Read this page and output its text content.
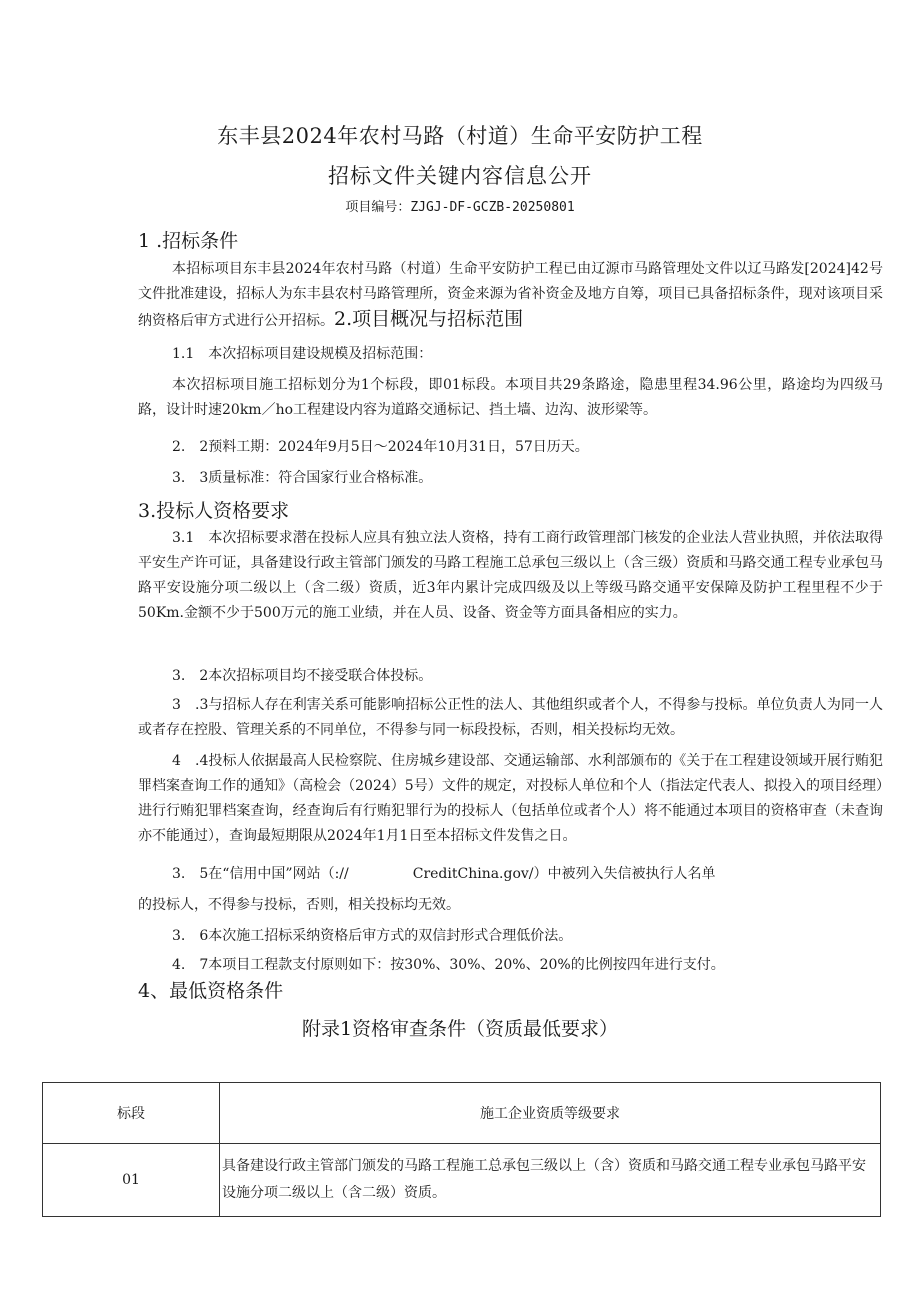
东丰县2024年农村马路（村道）生命平安防护工程
招标文件关键内容信息公开
项目编号：ZJGJ-DF-GCZB-20250801
1 .招标条件

本招标项目东丰县2024年农村马路（村道）生命平安防护工程已由辽源市马路管理处文件以辽马路发[2024]42号文件批准建设，招标人为东丰县农村马路管理所，资金来源为省补资金及地方自筹，项目已具备招标条件，现对该项目采纳资格后审方式进行公开招标。2.项目概况与招标范围

1.1　本次招标项目建设规模及招标范围：

本次招标项目施工招标划分为1个标段，即01标段。本项目共29条路途，隐患里程34.96公里，路途均为四级马路，设计时速20km／ho工程建设内容为道路交通标记、挡土墙、边沟、波形梁等。

2.　2预料工期：2024年9月5日～2024年10月31日，57日历天。

3.　3质量标准：符合国家行业合格标准。

3.投标人资格要求

3.1　本次招标要求潜在投标人应具有独立法人资格，持有工商行政管理部门核发的企业法人营业执照，并依法取得平安生产许可证，具备建设行政主管部门颁发的马路工程施工总承包三级以上（含三级）资质和马路交通工程专业承包马路平安设施分项二级以上（含二级）资质，近3年内累计完成四级及以上等级马路交通平安保障及防护工程里程不少于50Km.金额不少于500万元的施工业绩，并在人员、设备、资金等方面具备相应的实力。

3.　2本次招标项目均不接受联合体投标。

3　.3与招标人存在利害关系可能影响招标公正性的法人、其他组织或者个人，不得参与投标。单位负责人为同一人或者存在控股、管理关系的不同单位，不得参与同一标段投标，否则，相关投标均无效。

4　.4投标人依据最高人民检察院、住房城乡建设部、交通运输部、水利部颁布的《关于在工程建设领域开展行贿犯罪档案查询工作的通知》（高检会（2024）5号）文件的规定，对投标人单位和个人（指法定代表人、拟投入的项目经理）进行行贿犯罪档案查询，经查询后有行贿犯罪行为的投标人（包括单位或者个人）将不能通过本项目的资格审查（未查询亦不能通过），查询最短期限从2024年1月1日至本招标文件发售之日。

3.　5在“信用中国”网站（://	CreditChina.gov/）中被列入失信被执行人名单

的投标人，不得参与投标，否则，相关投标均无效。

3.　6本次施工招标采纳资格后审方式的双信封形式合理低价法。

4.　7本项目工程款支付原则如下：按30%、30%、20%、20%的比例按四年进行支付。

4、最低资格条件
附录1资格审查条件（资质最低要求）
标段	施工企业资质等级要求
01	具备建设行政主管部门颁发的马路工程施工总承包三级以上（含）资质和马路交通工程专业承包马路平安设施分项二级以上（含二级）资质。
